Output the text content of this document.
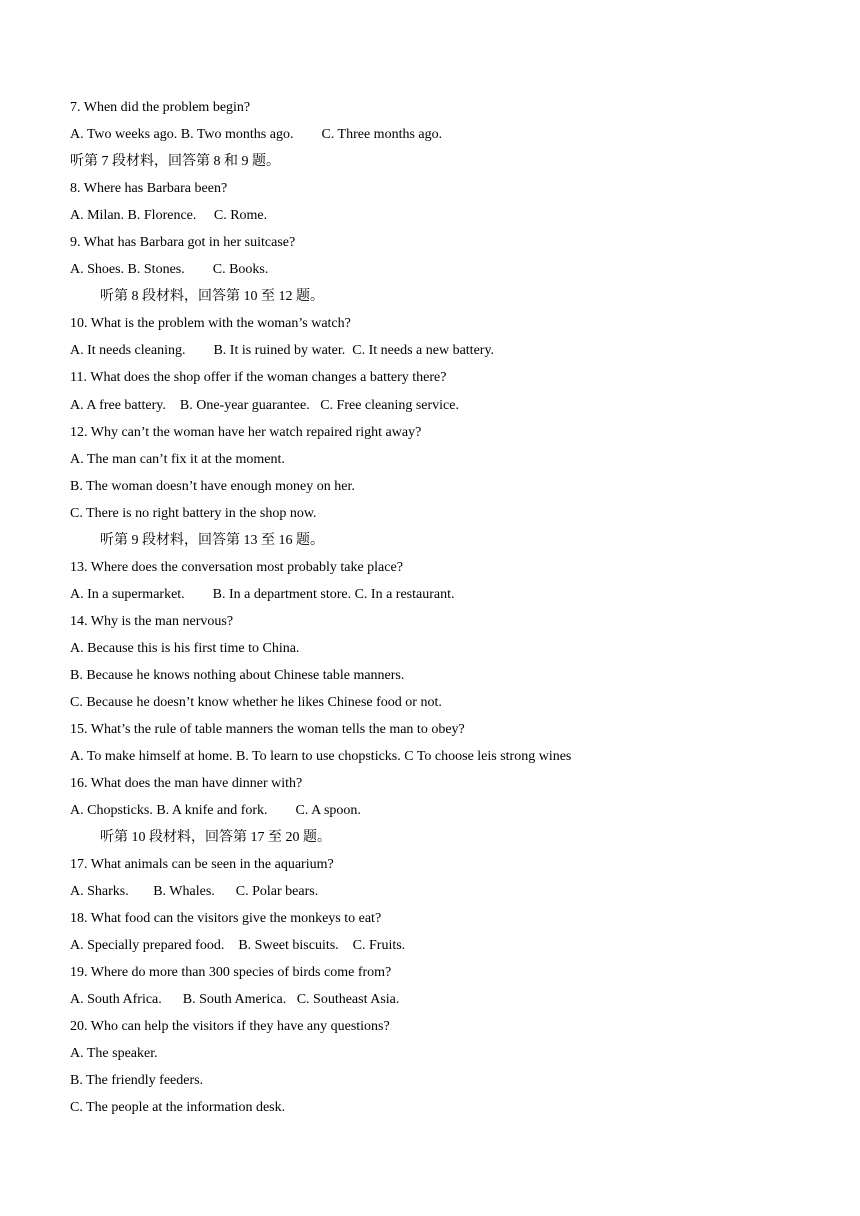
7. When did the problem begin?
A. Two weeks ago. B. Two months ago.        C. Three months ago.
听第 7 段材料，回答第 8 和 9 题。
8. Where has Barbara been?
A. Milan. B. Florence.     C. Rome.
9. What has Barbara got in her suitcase?
A. Shoes. B. Stones.        C. Books.
听第 8 段材料，回答第 10 至 12 题。
10. What is the problem with the woman’s watch?
A. It needs cleaning.        B. It is ruined by water.  C. It needs a new battery.
11. What does the shop offer if the woman changes a battery there?
A. A free battery.    B. One-year guarantee.   C. Free cleaning service.
12. Why can’t the woman have her watch repaired right away?
A. The man can’t fix it at the moment.
B. The woman doesn’t have enough money on her.
C. There is no right battery in the shop now.
听第 9 段材料，回答第 13 至 16 题。
13. Where does the conversation most probably take place?
A. In a supermarket.        B. In a department store. C. In a restaurant.
14. Why is the man nervous?
A. Because this is his first time to China.
B. Because he knows nothing about Chinese table manners.
C. Because he doesn’t know whether he likes Chinese food or not.
15. What’s the rule of table manners the woman tells the man to obey?
A. To make himself at home. B. To learn to use chopsticks. C To choose leis strong wines
16. What does the man have dinner with?
A. Chopsticks. B. A knife and fork.        C. A spoon.
听第 10 段材料，回答第 17 至 20 题。
17. What animals can be seen in the aquarium?
A. Sharks.       B. Whales.      C. Polar bears.
18. What food can the visitors give the monkeys to eat?
A. Specially prepared food.    B. Sweet biscuits.    C. Fruits.
19. Where do more than 300 species of birds come from?
A. South Africa.      B. South America.   C. Southeast Asia.
20. Who can help the visitors if they have any questions?
A. The speaker.
B. The friendly feeders.
C. The people at the information desk.
